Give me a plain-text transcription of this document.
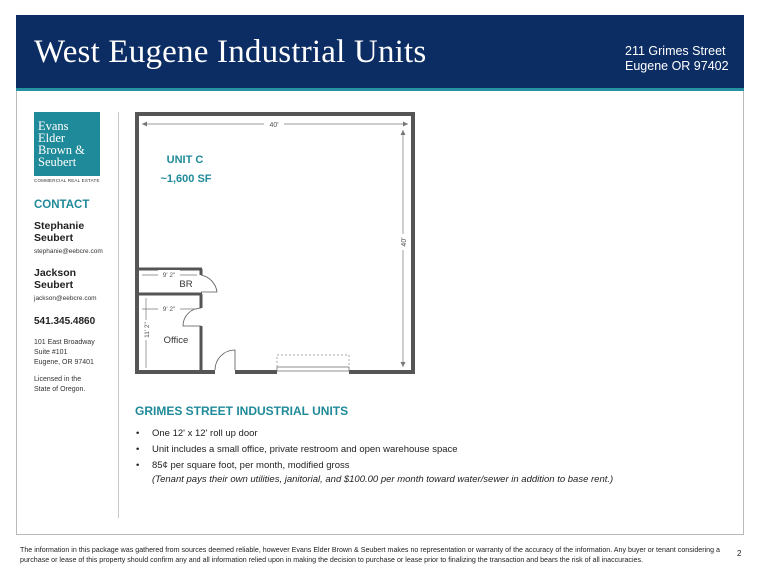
West Eugene Industrial Units	211 Grimes Street
Eugene OR 97402
Evans
Elder
Brown &
Seubert
COMMERCIAL REAL ESTATE
CONTACT
Stephanie
Seubert
stephanie@eebcre.com
Jackson
Seubert
jackson@eebcre.com
541.345.4860
101 East Broadway
Suite #101
Eugene, OR 97401
Licensed in the
State of Oregon.
40'
40'
9' 2"
9' 2"
11' 2"
UNIT C
~1,600 SF
BR
Office
GRIMES STREET INDUSTRIAL UNITS
• One 12' x 12' roll up door
• Unit includes a small office, private restroom and open warehouse space
• 85¢ per square foot, per month, modified gross
(Tenant pays their own utilities, janitorial, and $100.00 per month toward water/sewer in addition to base rent.)
The information in this package was gathered from sources deemed reliable, however Evans Elder Brown & Seubert makes no representation or warranty of the accuracy of the information. Any buyer or tenant considering a purchase or lease of this property should confirm any and all information relied upon in making the decision to purchase or lease prior to finalizing the transaction and bears the risk of all inaccuracies.
2
